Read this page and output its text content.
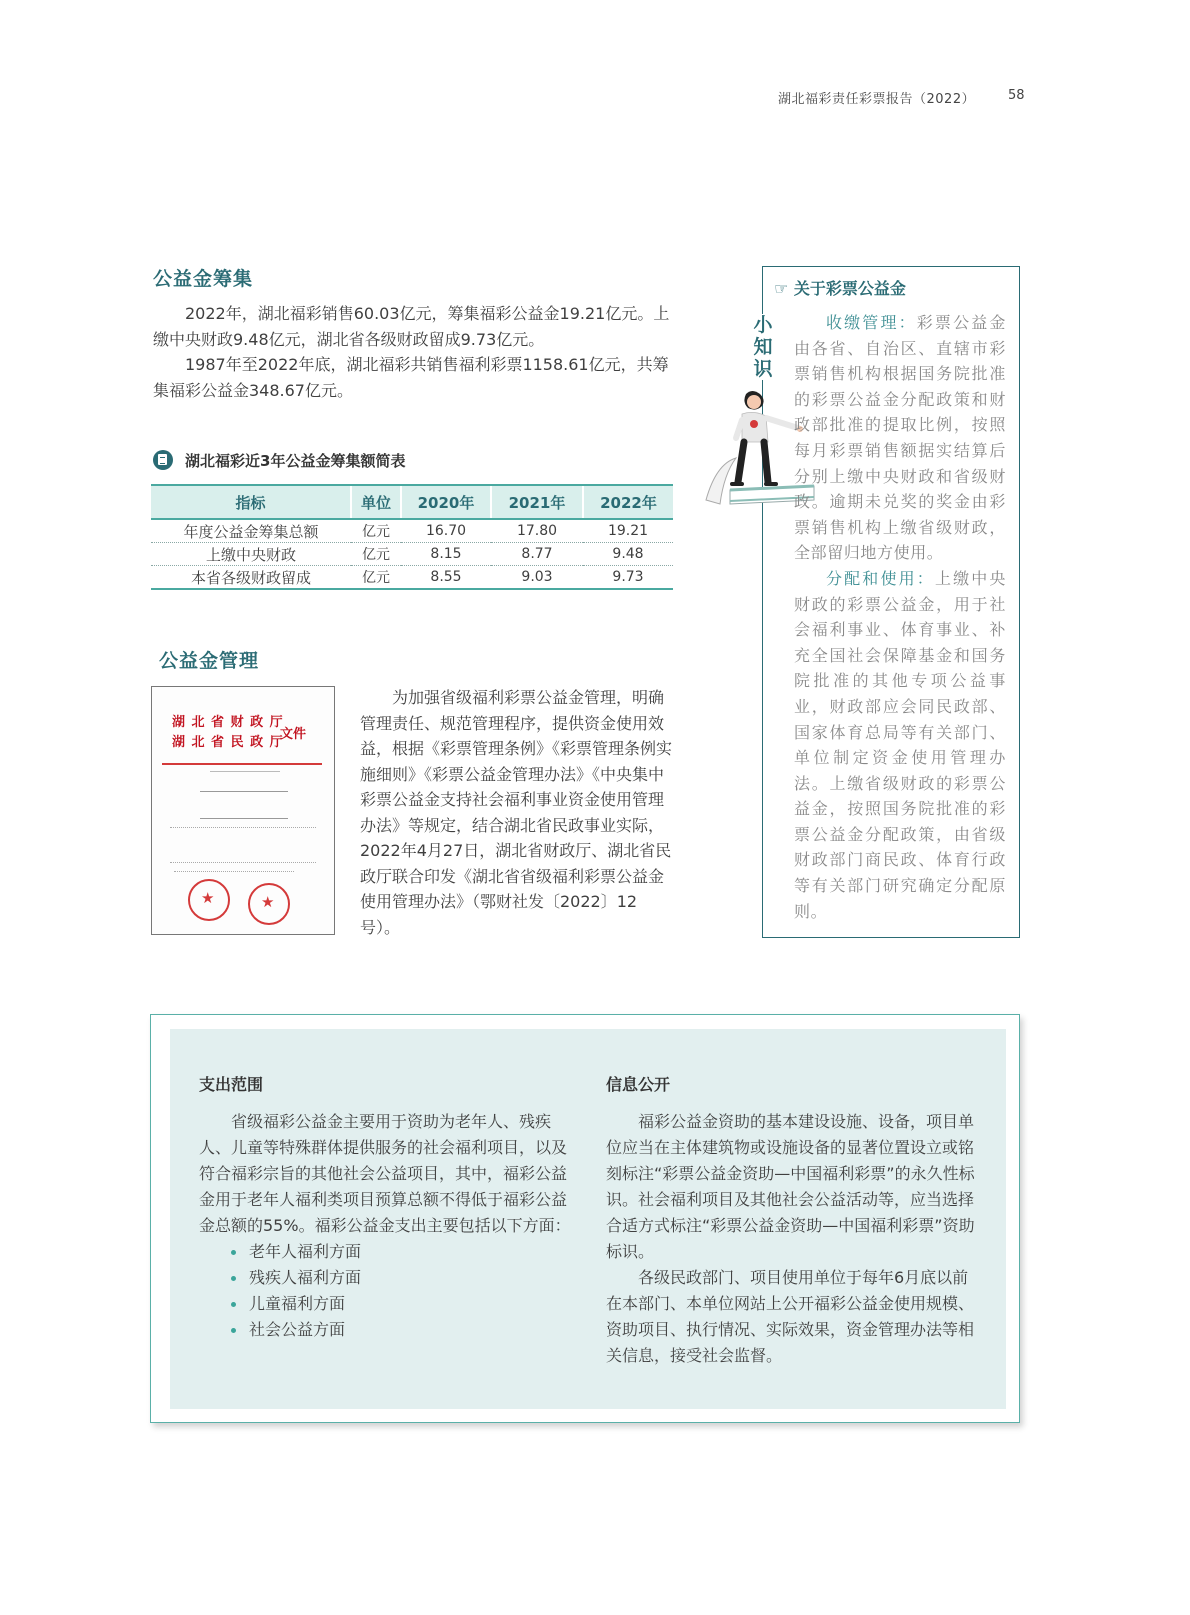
湖北福彩责任彩票报告（2022）	58
公益金筹集

2022年，湖北福彩销售60.03亿元，筹集福彩公益金19.21亿元。上缴中央财政9.48亿元，湖北省各级财政留成9.73亿元。

1987年至2022年底，湖北福彩共销售福利彩票1158.61亿元，共筹集福彩公益金348.67亿元。

湖北福彩近3年公益金筹集额简表
指标	单位	2020年	2021年	2022年
年度公益金筹集总额	亿元	16.70	17.80	19.21
上缴中央财政	亿元	8.15	8.77	9.48
本省各级财政留成	亿元	8.55	9.03	9.73
公益金管理
湖 北 省 财 政 厅
湖 北 省 民 政 厅
文件
★
★

为加强省级福利彩票公益金管理，明确管理责任、规范管理程序，提供资金使用效益，根据《彩票管理条例》《彩票管理条例实施细则》《彩票公益金管理办法》《中央集中彩票公益金支持社会福利事业资金使用管理办法》等规定，结合湖北省民政事业实际，2022年4月27日，湖北省财政厅、湖北省民政厅联合印发《湖北省省级福利彩票公益金使用管理办法》（鄂财社发〔2022〕12号）。

☞ 关于彩票公益金
小
知
识

收缴管理：彩票公益金由各省、自治区、直辖市彩票销售机构根据国务院批准的彩票公益金分配政策和财政部批准的提取比例，按照每月彩票销售额据实结算后分别上缴中央财政和省级财政。逾期未兑奖的奖金由彩票销售机构上缴省级财政，全部留归地方使用。

分配和使用：上缴中央财政的彩票公益金，用于社会福利事业、体育事业、补充全国社会保障基金和国务院批准的其他专项公益事业，财政部应会同民政部、国家体育总局等有关部门、单位制定资金使用管理办法。上缴省级财政的彩票公益金，按照国务院批准的彩票公益金分配政策，由省级财政部门商民政、体育行政等有关部门研究确定分配原则。

支出范围

省级福彩公益金主要用于资助为老年人、残疾人、儿童等特殊群体提供服务的社会福利项目，以及符合福彩宗旨的其他社会公益项目，其中，福彩公益金用于老年人福利类项目预算总额不得低于福彩公益金总额的55%。福彩公益金支出主要包括以下方面：

老年人福利方面
残疾人福利方面
儿童福利方面
社会公益方面
信息公开

福彩公益金资助的基本建设设施、设备，项目单位应当在主体建筑物或设施设备的显著位置设立或铭刻标注“彩票公益金资助—中国福利彩票”的永久性标识。社会福利项目及其他社会公益活动等，应当选择合适方式标注“彩票公益金资助—中国福利彩票”资助标识。

各级民政部门、项目使用单位于每年6月底以前在本部门、本单位网站上公开福彩公益金使用规模、资助项目、执行情况、实际效果，资金管理办法等相关信息，接受社会监督。
